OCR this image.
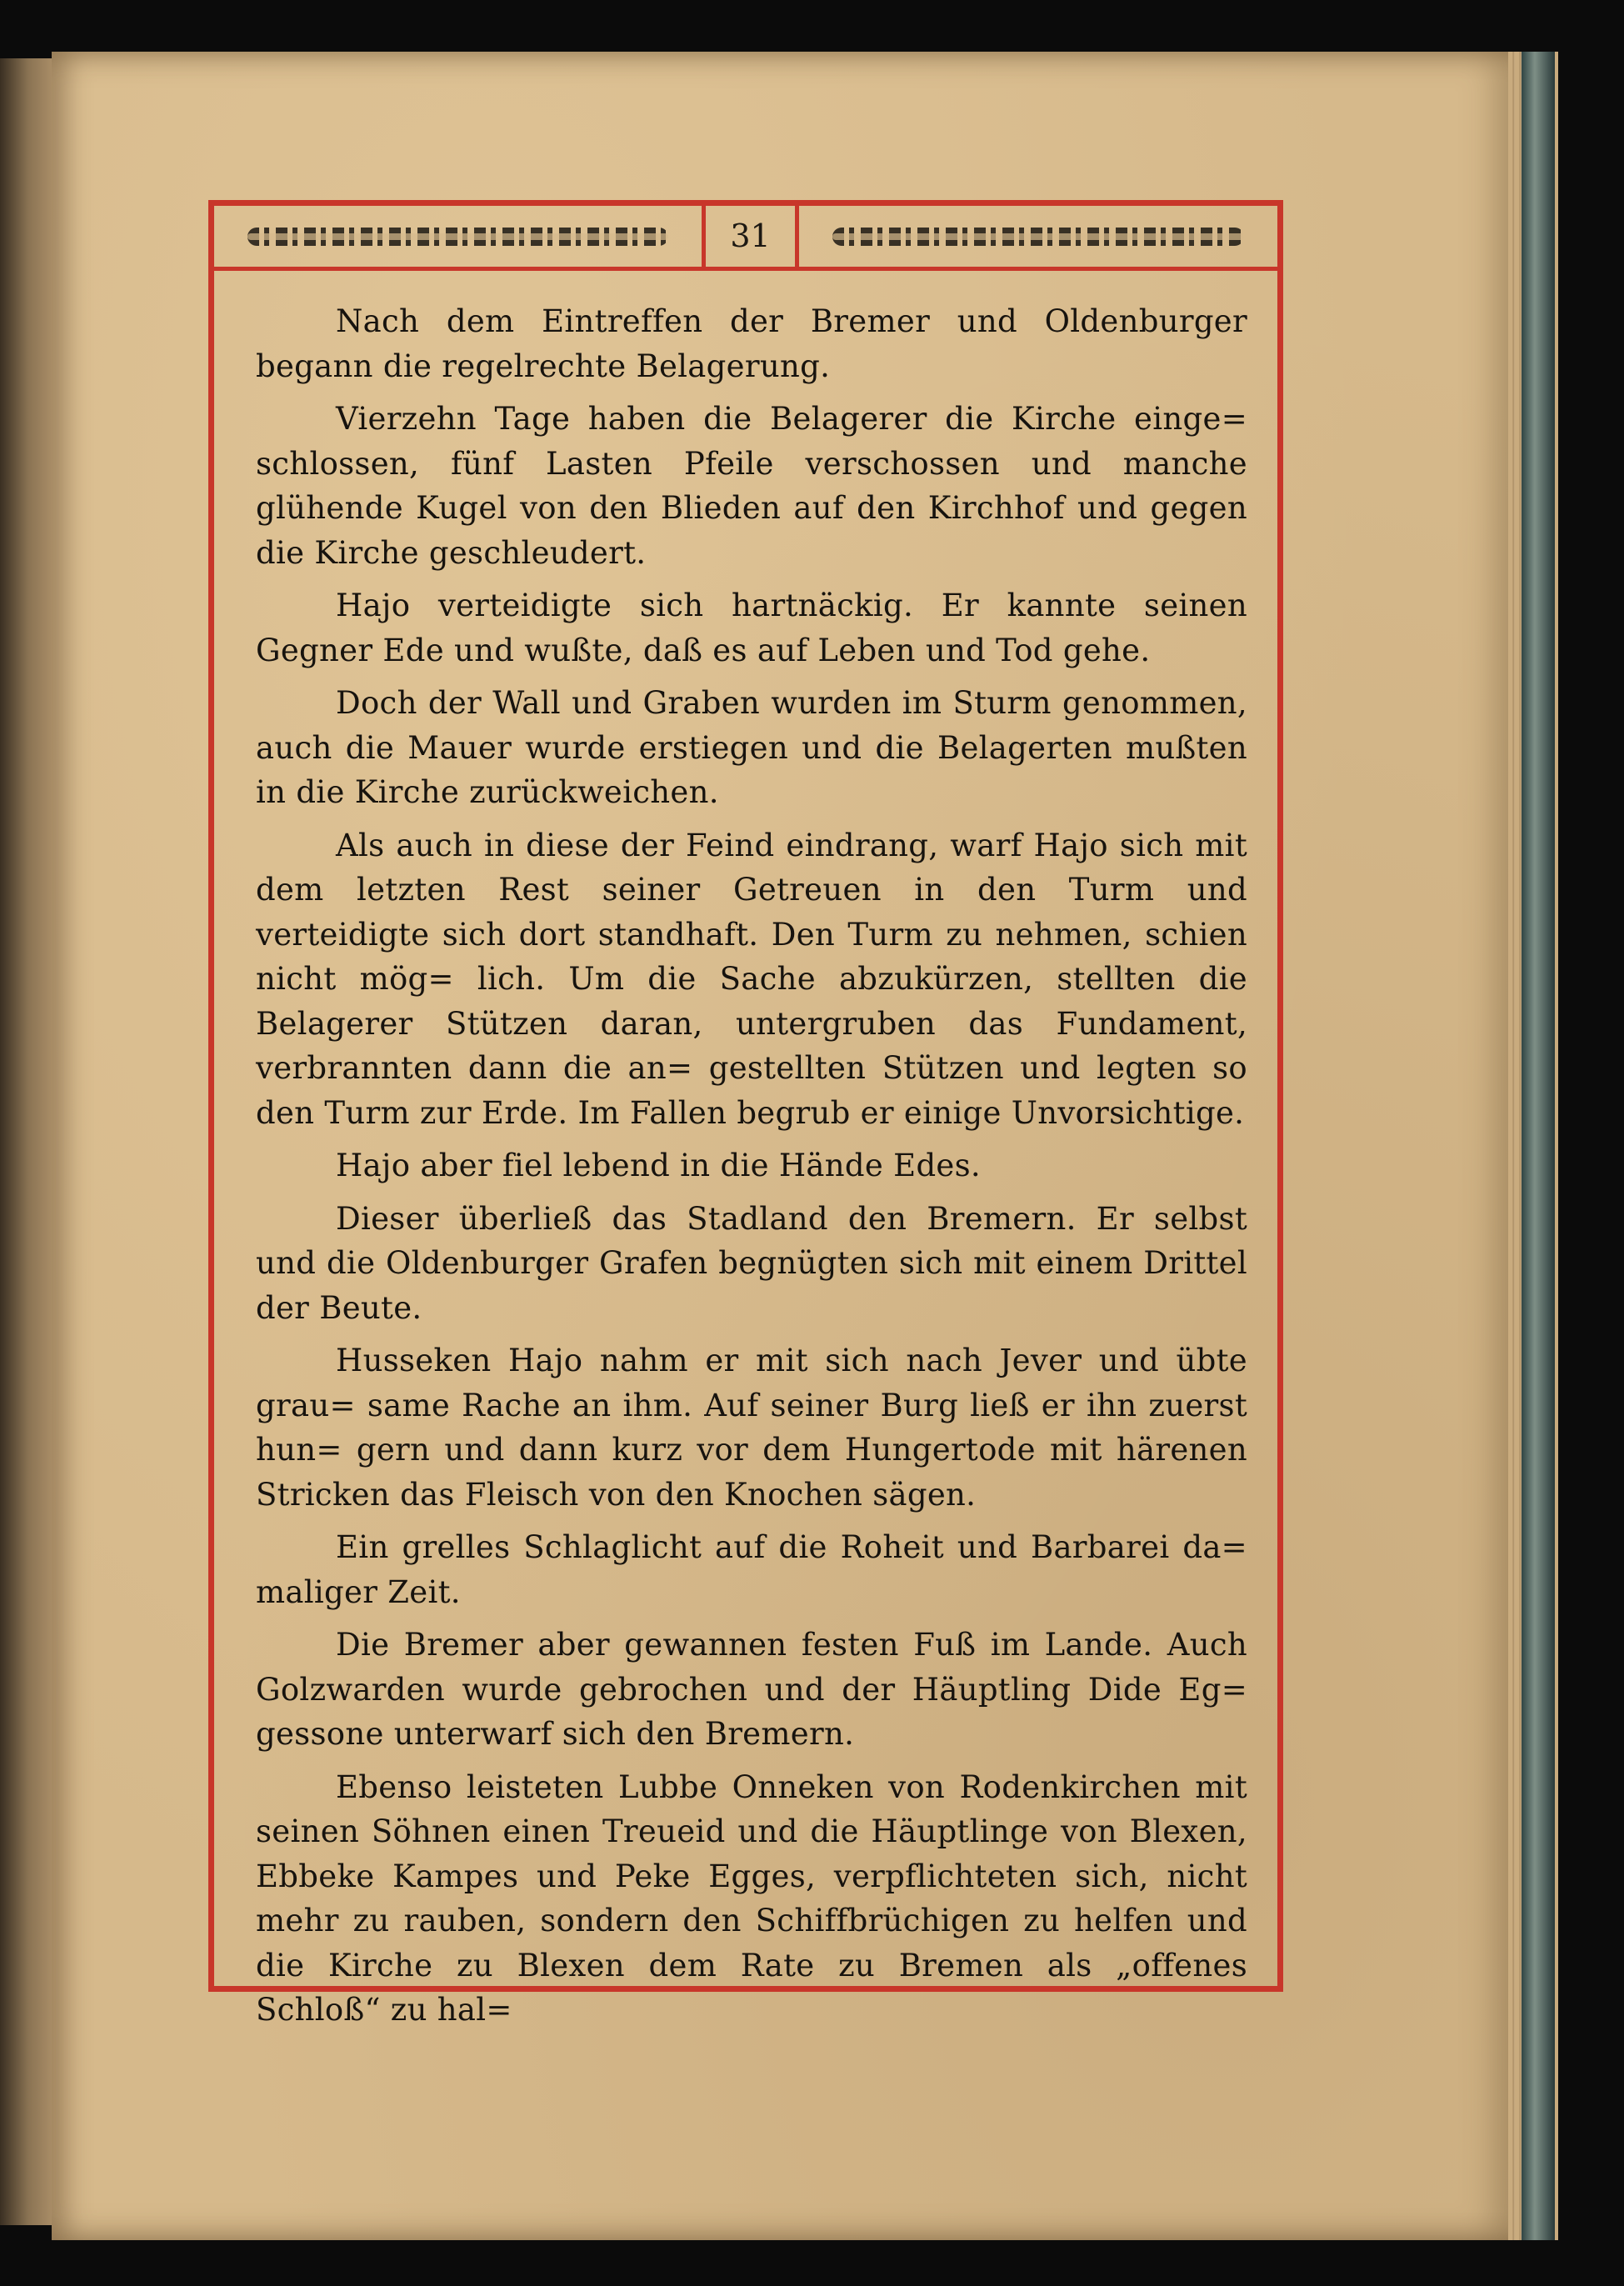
31

Nach dem Eintreffen der Bremer und Oldenburger begann die regelrechte Belagerung.

Vierzehn Tage haben die Belagerer die Kirche einge= schlossen, fünf Lasten Pfeile verschossen und manche glühende Kugel von den Blieden auf den Kirchhof und gegen die Kirche geschleudert.

Hajo verteidigte sich hartnäckig. Er kannte seinen Gegner Ede und wußte, daß es auf Leben und Tod gehe.

Doch der Wall und Graben wurden im Sturm genommen, auch die Mauer wurde erstiegen und die Belagerten mußten in die Kirche zurückweichen.

Als auch in diese der Feind eindrang, warf Hajo sich mit dem letzten Rest seiner Getreuen in den Turm und verteidigte sich dort standhaft. Den Turm zu nehmen, schien nicht mög= lich. Um die Sache abzukürzen, stellten die Belagerer Stützen daran, untergruben das Fundament, verbrannten dann die an= gestellten Stützen und legten so den Turm zur Erde. Im Fallen begrub er einige Unvorsichtige.

Hajo aber fiel lebend in die Hände Edes.

Dieser überließ das Stadland den Bremern. Er selbst und die Oldenburger Grafen begnügten sich mit einem Drittel der Beute.

Husseken Hajo nahm er mit sich nach Jever und übte grau= same Rache an ihm. Auf seiner Burg ließ er ihn zuerst hun= gern und dann kurz vor dem Hungertode mit härenen Stricken das Fleisch von den Knochen sägen.

Ein grelles Schlaglicht auf die Roheit und Barbarei da= maliger Zeit.

Die Bremer aber gewannen festen Fuß im Lande. Auch Golzwarden wurde gebrochen und der Häuptling Dide Eg= gessone unterwarf sich den Bremern.

Ebenso leisteten Lubbe Onneken von Rodenkirchen mit seinen Söhnen einen Treueid und die Häuptlinge von Blexen, Ebbeke Kampes und Peke Egges, verpflichteten sich, nicht mehr zu rauben, sondern den Schiffbrüchigen zu helfen und die Kirche zu Blexen dem Rate zu Bremen als „offenes Schloß“ zu hal=
